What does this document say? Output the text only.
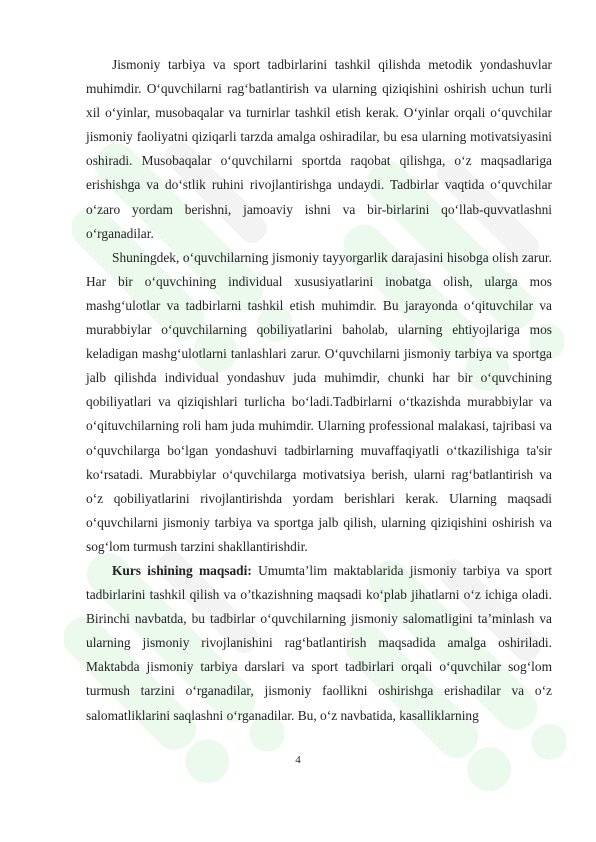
Jismoniy tarbiya va sport tadbirlarini tashkil qilishda metodik yondashuvlar muhimdir. O‘quvchilarni rag‘batlantirish va ularning qiziqishini oshirish uchun turli xil o‘yinlar, musobaqalar va turnirlar tashkil etish kerak. O‘yinlar orqali o‘quvchilar jismoniy faoliyatni qiziqarli tarzda amalga oshiradilar, bu esa ularning motivatsiyasini oshiradi. Musobaqalar o‘quvchilarni sportda raqobat qilishga, o‘z maqsadlariga erishishga va do‘stlik ruhini rivojlantirishga undaydi. Tadbirlar vaqtida o‘quvchilar o‘zaro yordam berishni, jamoaviy ishni va bir-birlarini qo‘llab-quvvatlashni o‘rganadilar.

Shuningdek, o‘quvchilarning jismoniy tayyorgarlik darajasini hisobga olish zarur. Har bir o‘quvchining individual xususiyatlarini inobatga olish, ularga mos mashg‘ulotlar va tadbirlarni tashkil etish muhimdir. Bu jarayonda o‘qituvchilar va murabbiylar o‘quvchilarning qobiliyatlarini baholab, ularning ehtiyojlariga mos keladigan mashg‘ulotlarni tanlashlari zarur. O‘quvchilarni jismoniy tarbiya va sportga jalb qilishda individual yondashuv juda muhimdir, chunki har bir o‘quvchining qobiliyatlari va qiziqishlari turlicha bo‘ladi.Tadbirlarni o‘tkazishda murabbiylar va o‘qituvchilarning roli ham juda muhimdir. Ularning professional malakasi, tajribasi va o‘quvchilarga bo‘lgan yondashuvi tadbirlarning muvaffaqiyatli o‘tkazilishiga ta'sir ko‘rsatadi. Murabbiylar o‘quvchilarga motivatsiya berish, ularni rag‘batlantirish va o‘z qobiliyatlarini rivojlantirishda yordam berishlari kerak. Ularning maqsadi o‘quvchilarni jismoniy tarbiya va sportga jalb qilish, ularning qiziqishini oshirish va sog‘lom turmush tarzini shakllantirishdir.

Kurs ishining maqsadi: Umumta’lim maktablarida jismoniy tarbiya va sport tadbirlarini tashkil qilish va o’tkazishning maqsadi ko‘plab jihatlarni o‘z ichiga oladi. Birinchi navbatda, bu tadbirlar o‘quvchilarning jismoniy salomatligini ta’minlash va ularning jismoniy rivojlanishini rag‘batlantirish maqsadida amalga oshiriladi. Maktabda jismoniy tarbiya darslari va sport tadbirlari orqali o‘quvchilar sog‘lom turmush tarzini o‘rganadilar, jismoniy faollikni oshirishga erishadilar va o‘z salomatliklarini saqlashni o‘rganadilar. Bu, o‘z navbatida, kasalliklarning

4
